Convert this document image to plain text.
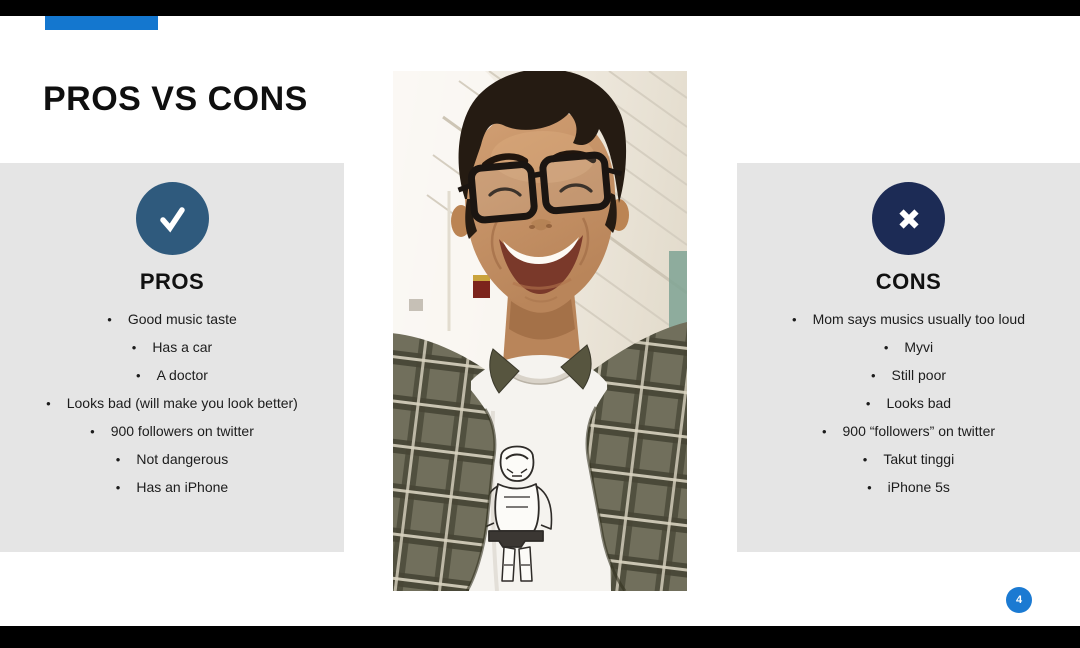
PROS VS CONS
PROS
• Good music taste
• Has a car
• A doctor
• Looks bad (will make you look better)
• 900 followers on twitter
• Not dangerous
• Has an iPhone
CONS
• Mom says musics usually too loud
• Myvi
• Still poor
• Looks bad
• 900 “followers” on twitter
• Takut tinggi
• iPhone 5s
4
